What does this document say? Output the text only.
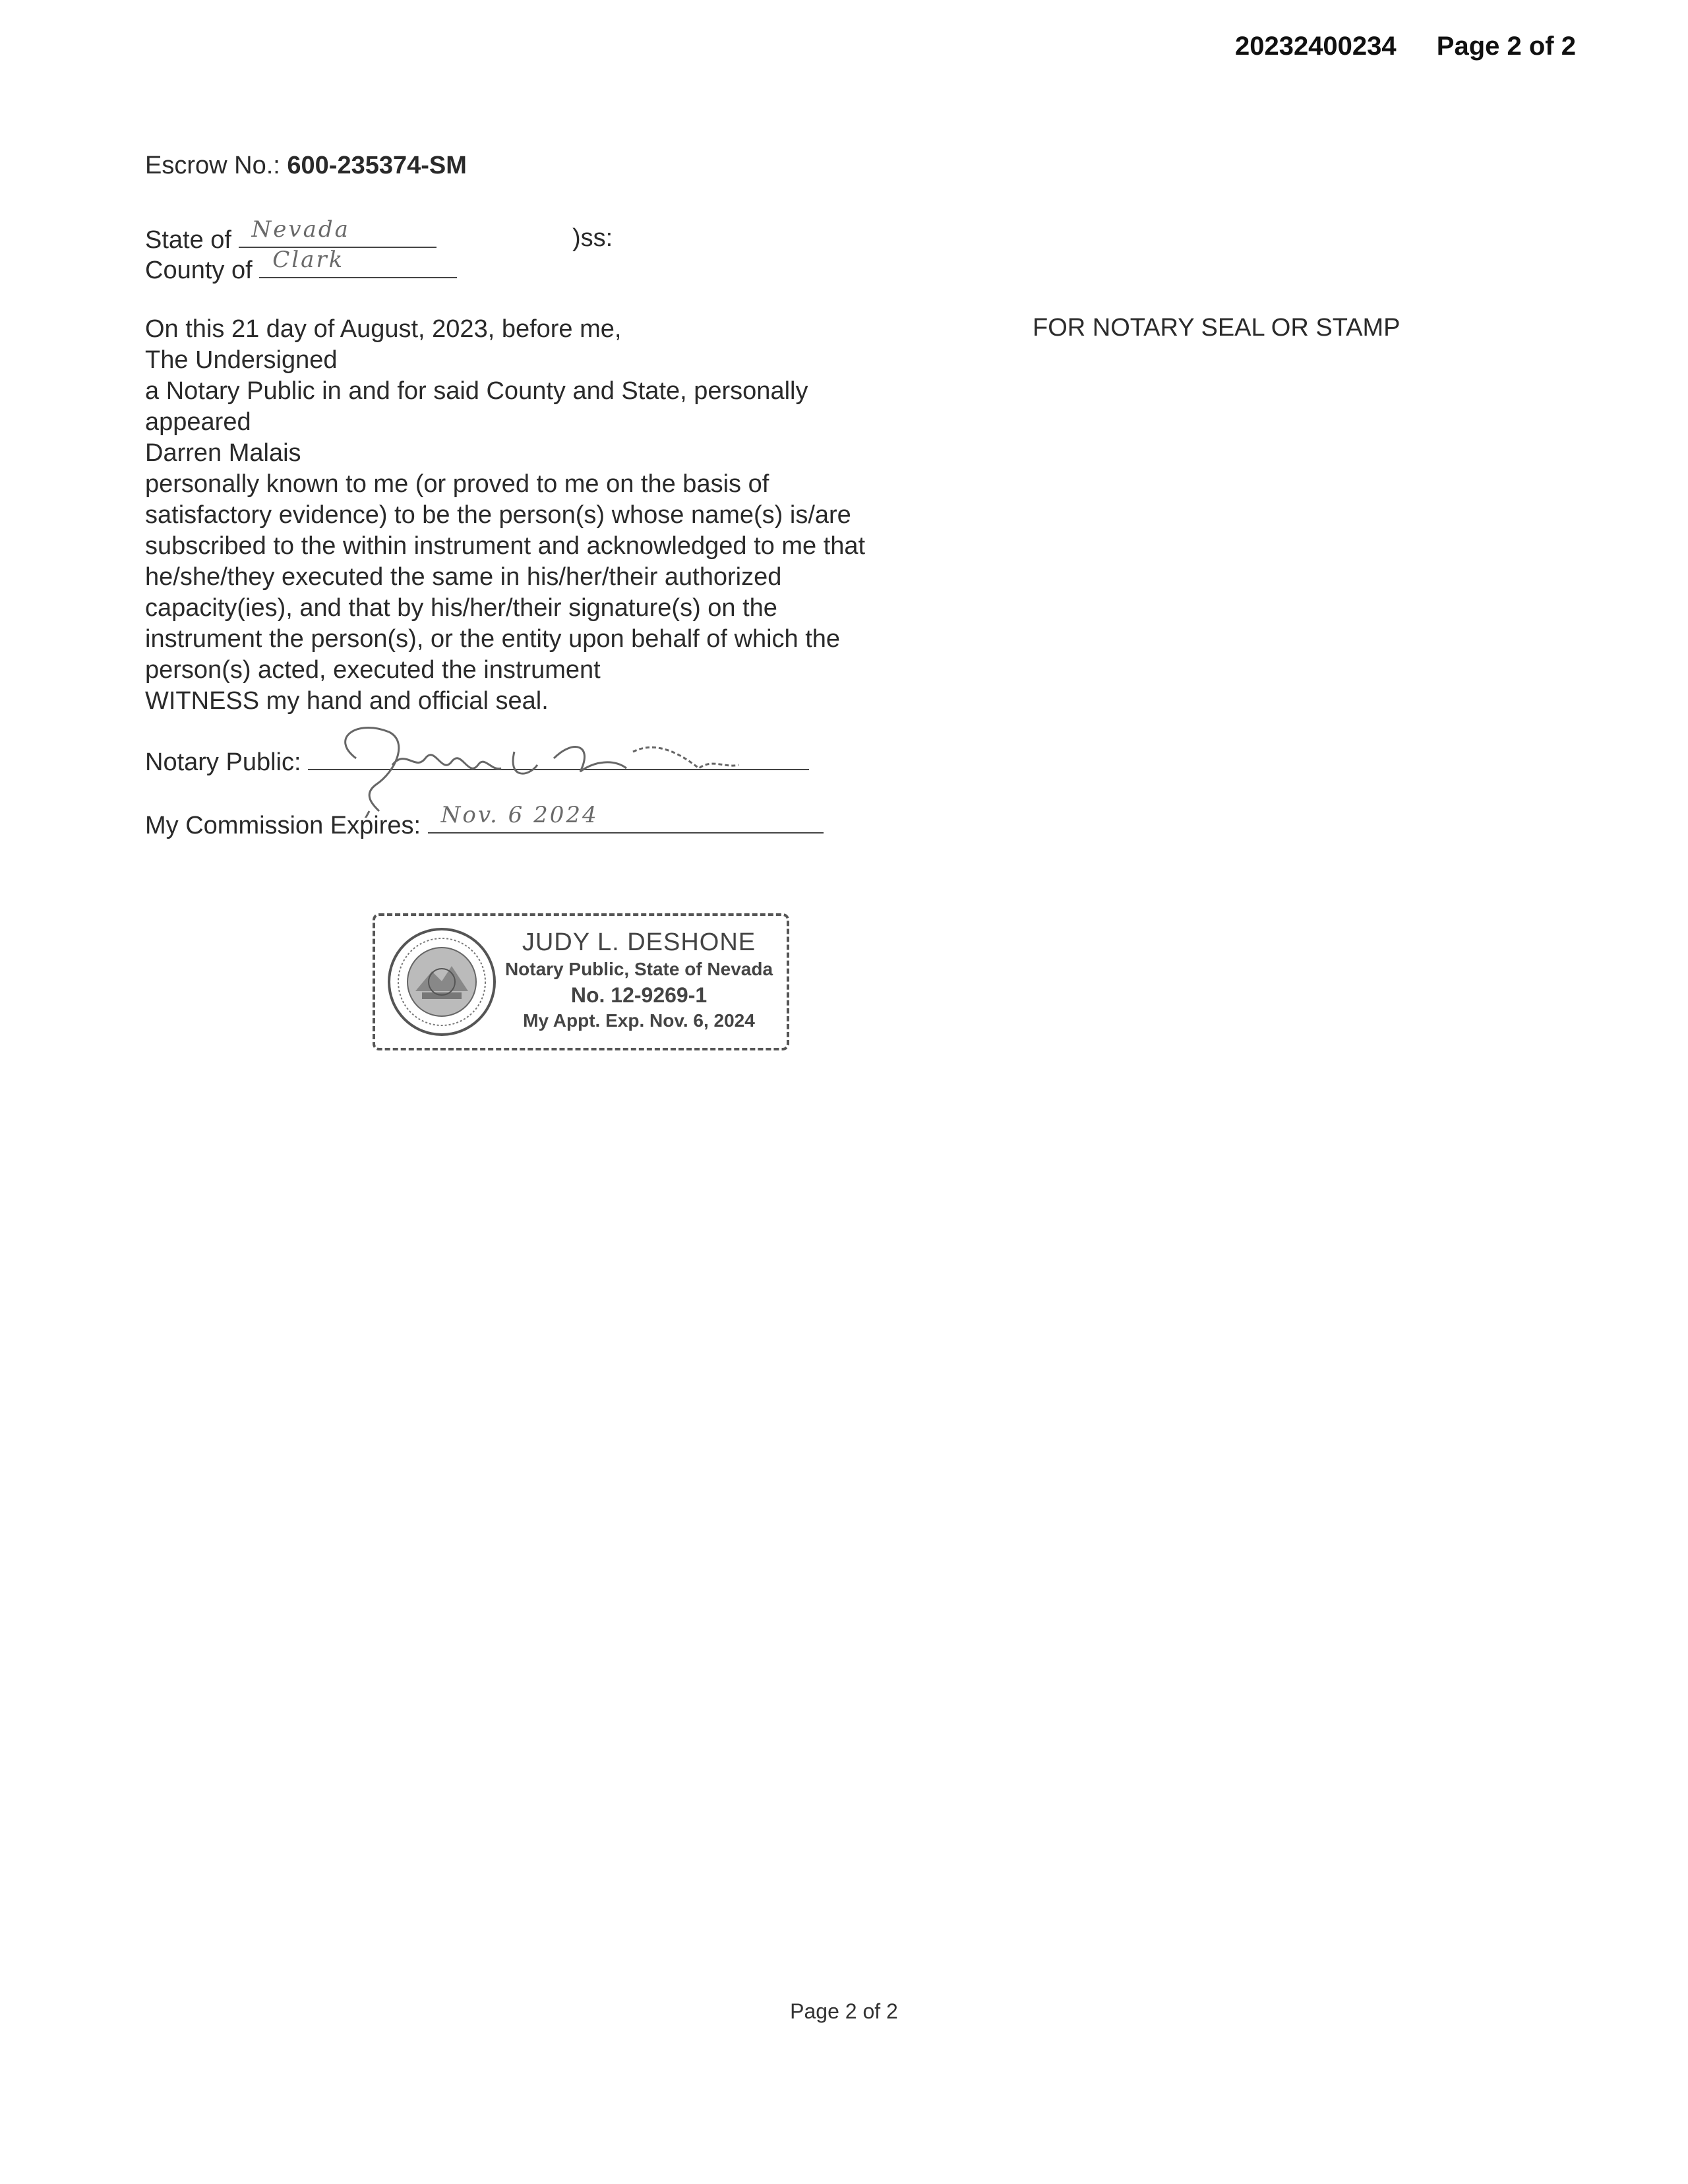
20232400234 Page 2 of 2
Escrow No.: 600-235374-SM
State of Nevada	)ss:
County of Clark
On this 21 day of August, 2023, before me,
The Undersigned
a Notary Public in and for said County and State, personally
appeared
Darren Malais
personally known to me (or proved to me on the basis of
satisfactory evidence) to be the person(s) whose name(s) is/are
subscribed to the within instrument and acknowledged to me that
he/she/they executed the same in his/her/their authorized
capacity(ies), and that by his/her/their signature(s) on the
instrument the person(s), or the entity upon behalf of which the
person(s) acted, executed the instrument
WITNESS my hand and official seal.
FOR NOTARY SEAL OR STAMP
Notary Public:
My Commission Expires: Nov. 6 2024
JUDY L. DESHONE
Notary Public, State of Nevada
No. 12-9269-1
My Appt. Exp. Nov. 6, 2024
Page 2 of 2
